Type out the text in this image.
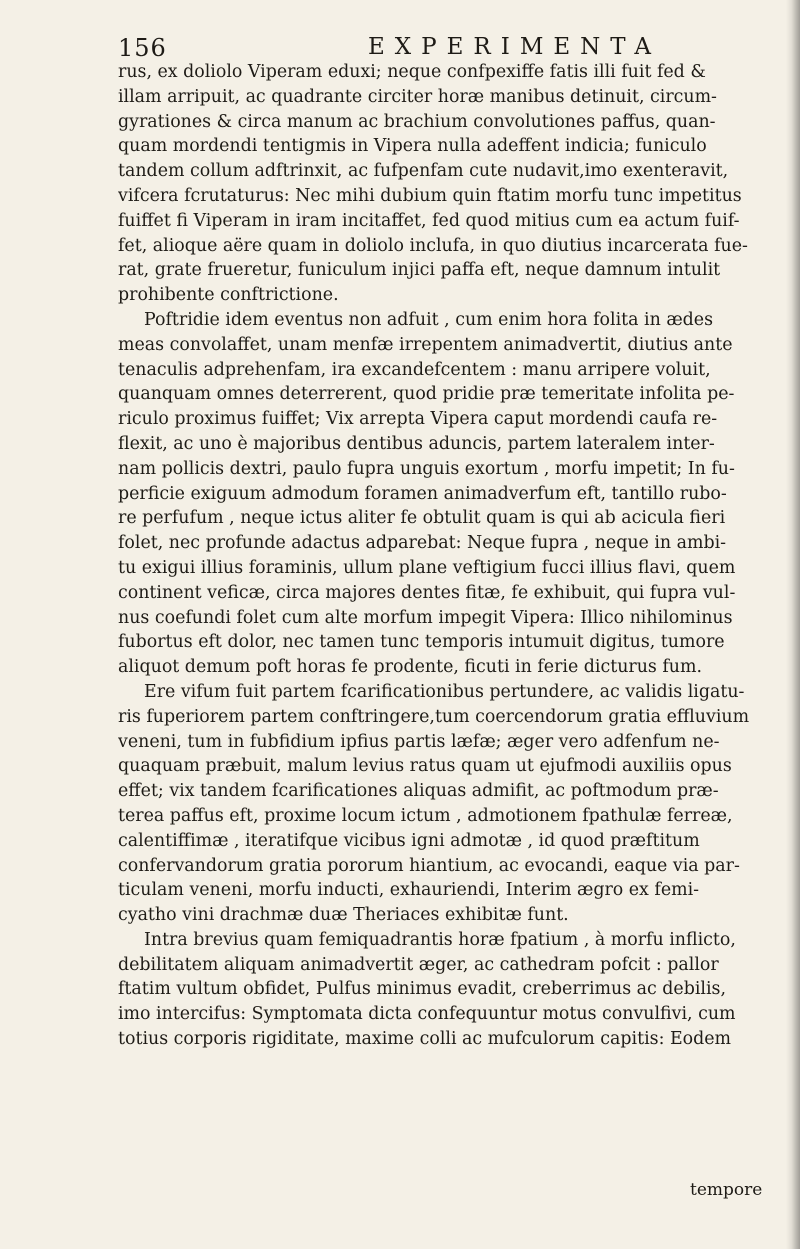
156	EXPERIMENTA
rus, ex doliolo Viperam eduxi; neque confpexiffe fatis illi fuit fed &
illam arripuit, ac quadrante circiter horæ manibus detinuit, circum-
gyrationes & circa manum ac brachium convolutiones paffus, quan-
quam mordendi tentigmis in Vipera nulla adeffent indicia; funiculo
tandem collum adftrinxit, ac fufpenfam cute nudavit,imo exenteravit,
vifcera fcrutaturus: Nec mihi dubium quin ftatim morfu tunc impetitus
fuiffet fi Viperam in iram incitaffet, fed quod mitius cum ea actum fuif-
fet, alioque aëre quam in doliolo inclufa, in quo diutius incarcerata fue-
rat, grate frueretur, funiculum injici paffa eft, neque damnum intulit
prohibente conftrictione.
Poftridie idem eventus non adfuit , cum enim hora folita in ædes
meas convolaffet, unam menfæ irrepentem animadvertit, diutius ante
tenaculis adprehenfam, ira excandefcentem : manu arripere voluit,
quanquam omnes deterrerent, quod pridie præ temeritate infolita pe-
riculo proximus fuiffet; Vix arrepta Vipera caput mordendi caufa re-
flexit, ac uno è majoribus dentibus aduncis, partem lateralem inter-
nam pollicis dextri, paulo fupra unguis exortum , morfu impetit; In fu-
perficie exiguum admodum foramen animadverfum eft, tantillo rubo-
re perfufum , neque ictus aliter fe obtulit quam is qui ab acicula fieri
folet, nec profunde adactus adparebat: Neque fupra , neque in ambi-
tu exigui illius foraminis, ullum plane veftigium fucci illius flavi, quem
continent veficæ, circa majores dentes fitæ, fe exhibuit, qui fupra vul-
nus coefundi folet cum alte morfum impegit Vipera: Illico nihilominus
fubortus eft dolor, nec tamen tunc temporis intumuit digitus, tumore
aliquot demum poft horas fe prodente, ficuti in ferie dicturus fum.
Ere vifum fuit partem fcarificationibus pertundere, ac validis ligatu-
ris fuperiorem partem conftringere,tum coercendorum gratia effluvium
veneni, tum in fubfidium ipfius partis læfæ; æger vero adfenfum ne-
quaquam præbuit, malum levius ratus quam ut ejufmodi auxiliis opus
effet; vix tandem fcarificationes aliquas admifit, ac poftmodum præ-
terea paffus eft, proxime locum ictum , admotionem fpathulæ ferreæ,
calentiffimæ , iteratifque vicibus igni admotæ , id quod præftitum
confervandorum gratia pororum hiantium, ac evocandi, eaque via par-
ticulam veneni, morfu inducti, exhauriendi, Interim ægro ex femi-
cyatho vini drachmæ duæ Theriaces exhibitæ funt.
Intra brevius quam femiquadrantis horæ fpatium , à morfu inflicto,
debilitatem aliquam animadvertit æger, ac cathedram pofcit : pallor
ftatim vultum obfidet, Pulfus minimus evadit, creberrimus ac debilis,
imo intercifus: Symptomata dicta confequuntur motus convulfivi, cum
totius corporis rigiditate, maxime colli ac mufculorum capitis: Eodem
tempore
